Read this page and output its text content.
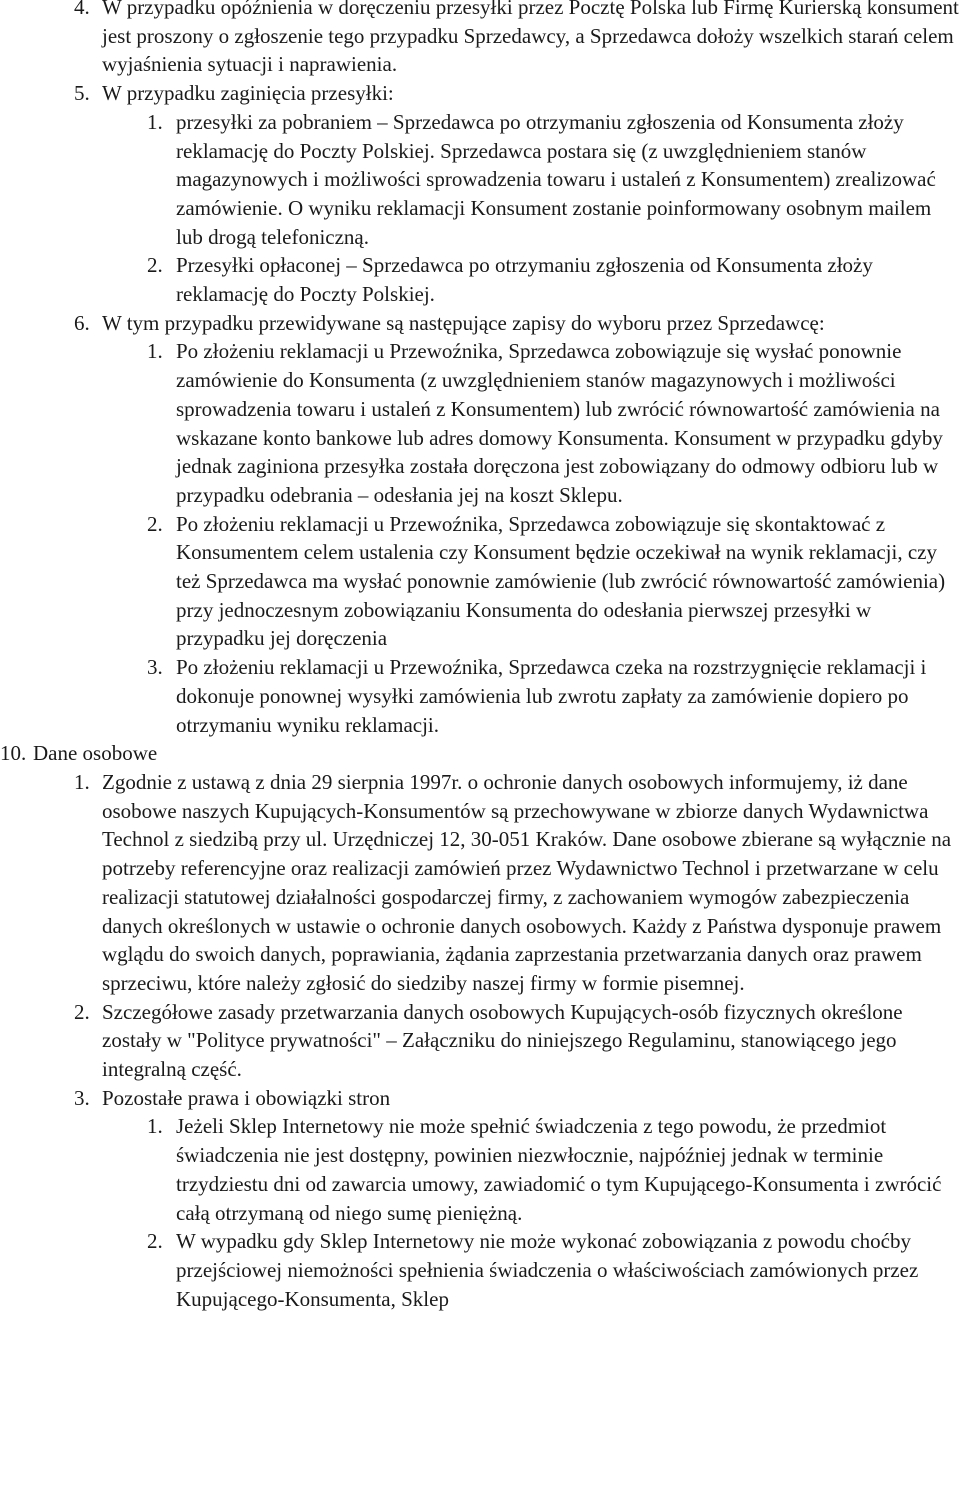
4. W przypadku opóźnienia w doręczeniu przesyłki przez Pocztę Polska lub Firmę Kurierską konsument jest proszony o zgłoszenie tego przypadku Sprzedawcy, a Sprzedawca dołoży wszelkich starań celem wyjaśnienia sytuacji i naprawienia.

5. W przypadku zaginięcia przesyłki:

1. przesyłki za pobraniem – Sprzedawca po otrzymaniu zgłoszenia od Konsumenta złoży reklamację do Poczty Polskiej. Sprzedawca postara się (z uwzględnieniem stanów magazynowych i możliwości sprowadzenia towaru i ustaleń z Konsumentem) zrealizować zamówienie. O wyniku reklamacji Konsument zostanie poinformowany osobnym mailem lub drogą telefoniczną.

2. Przesyłki opłaconej – Sprzedawca po otrzymaniu zgłoszenia od Konsumenta złoży reklamację do Poczty Polskiej.

6. W tym przypadku przewidywane są następujące zapisy do wyboru przez Sprzedawcę:

1. Po złożeniu reklamacji u Przewoźnika, Sprzedawca zobowiązuje się wysłać ponownie zamówienie do Konsumenta (z uwzględnieniem stanów magazynowych i możliwości sprowadzenia towaru i ustaleń z Konsumentem) lub zwrócić równowartość zamówienia na wskazane konto bankowe lub adres domowy Konsumenta. Konsument w przypadku gdyby jednak zaginiona przesyłka została doręczona jest zobowiązany do odmowy odbioru lub w przypadku odebrania – odesłania jej na koszt Sklepu.

2. Po złożeniu reklamacji u Przewoźnika, Sprzedawca zobowiązuje się skontaktować z Konsumentem celem ustalenia czy Konsument będzie oczekiwał na wynik reklamacji, czy też Sprzedawca ma wysłać ponownie zamówienie (lub zwrócić równowartość zamówienia) przy jednoczesnym zobowiązaniu Konsumenta do odesłania pierwszej przesyłki w przypadku jej doręczenia

3. Po złożeniu reklamacji u Przewoźnika, Sprzedawca czeka na rozstrzygnięcie reklamacji i dokonuje ponownej wysyłki zamówienia lub zwrotu zapłaty za zamówienie dopiero po otrzymaniu wyniku reklamacji.

10. Dane osobowe

1. Zgodnie z ustawą z dnia 29 sierpnia 1997r. o ochronie danych osobowych informujemy, iż dane osobowe naszych Kupujących-Konsumentów są przechowywane w zbiorze danych Wydawnictwa Technol z siedzibą przy ul. Urzędniczej 12, 30-051 Kraków. Dane osobowe zbierane są wyłącznie na potrzeby referencyjne oraz realizacji zamówień przez Wydawnictwo Technol i przetwarzane w celu realizacji statutowej działalności gospodarczej firmy, z zachowaniem wymogów zabezpieczenia danych określonych w ustawie o ochronie danych osobowych. Każdy z Państwa dysponuje prawem wglądu do swoich danych, poprawiania, żądania zaprzestania przetwarzania danych oraz prawem sprzeciwu, które należy zgłosić do siedziby naszej firmy w formie pisemnej.

2. Szczegółowe zasady przetwarzania danych osobowych Kupujących-osób fizycznych określone zostały w "Polityce prywatności" – Załączniku do niniejszego Regulaminu, stanowiącego jego integralną część.

3. Pozostałe prawa i obowiązki stron

1. Jeżeli Sklep Internetowy nie może spełnić świadczenia z tego powodu, że przedmiot świadczenia nie jest dostępny, powinien niezwłocznie, najpóźniej jednak w terminie trzydziestu dni od zawarcia umowy, zawiadomić o tym Kupującego-Konsumenta i zwrócić całą otrzymaną od niego sumę pieniężną.

2. W wypadku gdy Sklep Internetowy nie może wykonać zobowiązania z powodu choćby przejściowej niemożności spełnienia świadczenia o właściwościach zamówionych przez Kupującego-Konsumenta, Sklep
